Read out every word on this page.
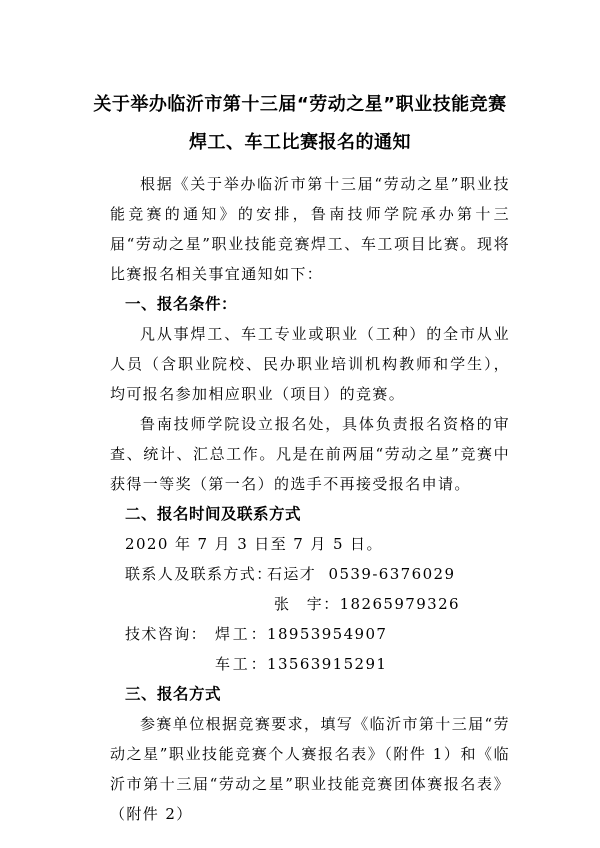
关于举办临沂市第十三届“劳动之星”职业技能竞赛
焊工、车工比赛报名的通知

根据《关于举办临沂市第十三届“劳动之星”职业技能竞赛的通知》的安排，鲁南技师学院承办第十三届“劳动之星”职业技能竞赛焊工、车工项目比赛。现将比赛报名相关事宜通知如下：

一、报名条件：

凡从事焊工、车工专业或职业（工种）的全市从业人员（含职业院校、民办职业培训机构教师和学生），均可报名参加相应职业（项目）的竞赛。

鲁南技师学院设立报名处，具体负责报名资格的审查、统计、汇总工作。凡是在前两届“劳动之星”竞赛中获得一等奖（第一名）的选手不再接受报名申请。

二、报名时间及联系方式
2020 年 7 月 3 日至 7 月 5 日。
联系人及联系方式：石运才 0539-6376029
张　宇：18265979326
技术咨询： 焊工：18953954907
车工：13563915291
三、报名方式

参赛单位根据竞赛要求，填写《临沂市第十三届“劳动之星”职业技能竞赛个人赛报名表》（附件 1）和《临沂市第十三届“劳动之星”职业技能竞赛团体赛报名表》（附件 2）
